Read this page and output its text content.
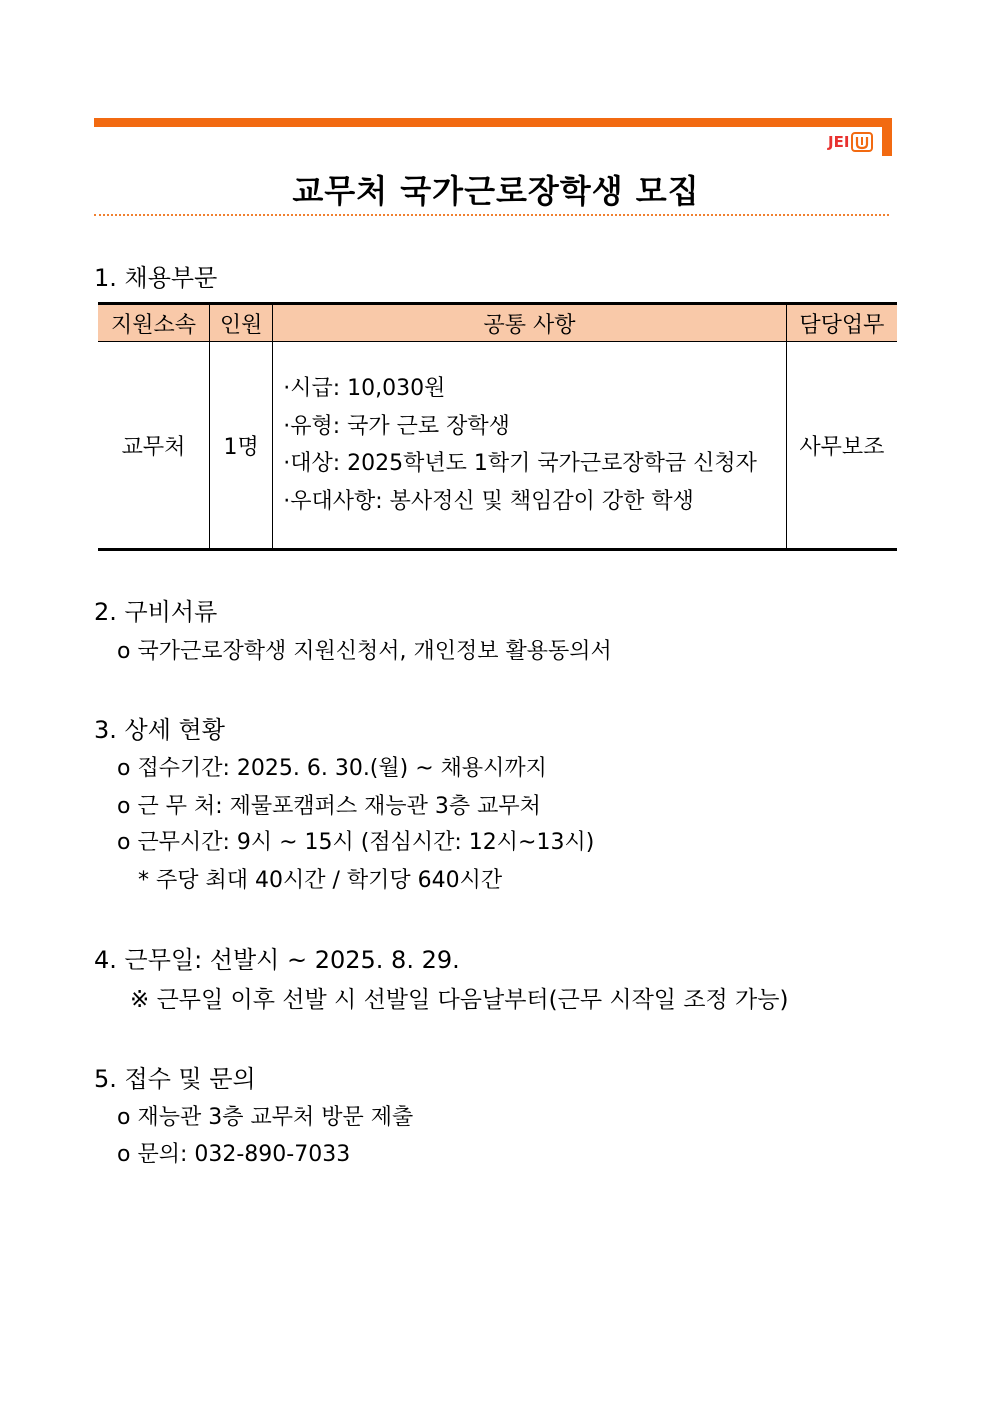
JEI
교무처 국가근로장학생 모집
1. 채용부문
지원소속	인원	공통 사항	담당업무
교무처	1명	·시급: 10,030원
·유형: 국가 근로 장학생
·대상: 2025학년도 1학기 국가근로장학금 신청자
·우대사항: 봉사정신 및 책임감이 강한 학생	사무보조
2. 구비서류
o 국가근로장학생 지원신청서, 개인정보 활용동의서
3. 상세 현황
o 접수기간: 2025. 6. 30.(월) ~ 채용시까지
o 근 무 처: 제물포캠퍼스 재능관 3층 교무처
o 근무시간: 9시 ~ 15시 (점심시간: 12시~13시)
* 주당 최대 40시간 / 학기당 640시간
4. 근무일: 선발시 ~ 2025. 8. 29.
※ 근무일 이후 선발 시 선발일 다음날부터(근무 시작일 조정 가능)
5. 접수 및 문의
o 재능관 3층 교무처 방문 제출
o 문의: 032-890-7033
